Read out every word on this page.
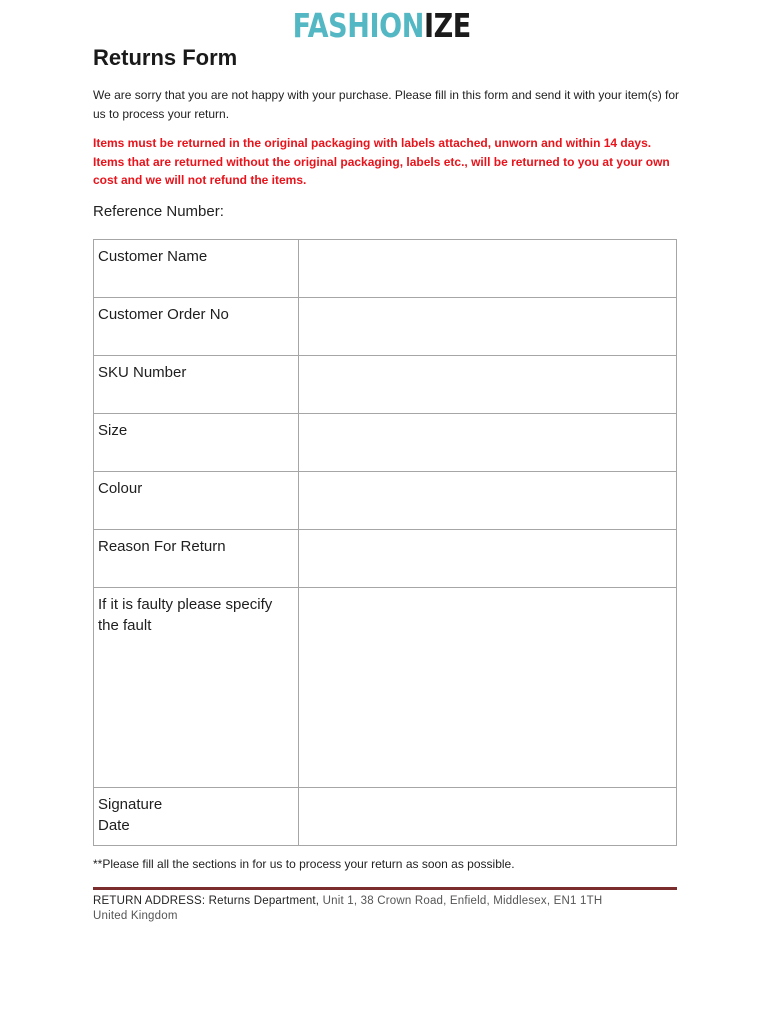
FASHIONIZE
Returns Form
We are sorry that you are not happy with your purchase. Please fill in this form and send it with your item(s) for us to process your return.
Items must be returned in the original packaging with labels attached, unworn and within 14 days. Items that are returned without the original packaging, labels etc., will be returned to you at your own cost and we will not refund the items.
Reference Number:
Customer Name	
Customer Order No	
SKU Number	
Size	
Colour	
Reason For Return	
If it is faulty please specify the fault	

Signature
Date	

**Please fill all the sections in for us to process your return as soon as possible.
RETURN ADDRESS: Returns Department, Unit 1, 38 Crown Road, Enfield, Middlesex, EN1 1TH
United Kingdom
